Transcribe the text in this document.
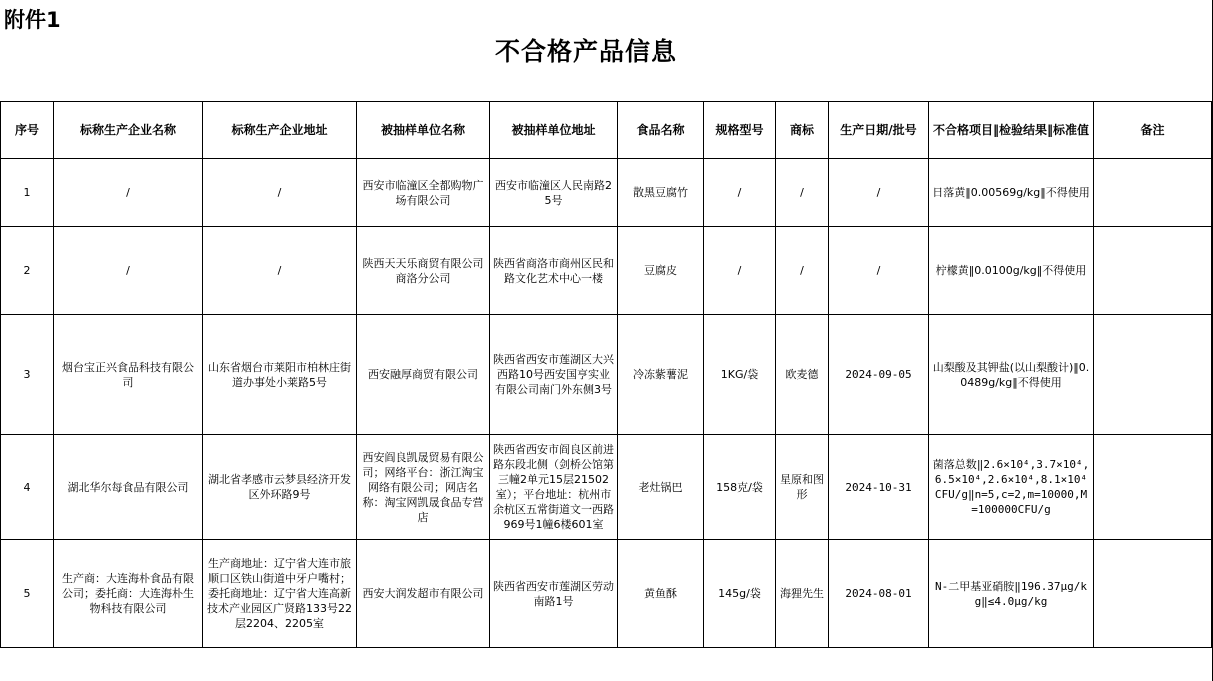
附件1
不合格产品信息
序号	标称生产企业名称	标称生产企业地址	被抽样单位名称	被抽样单位地址	食品名称	规格型号	商标	生产日期/批号	不合格项目‖检验结果‖标准值	备注
1	/	/	西安市临潼区全都购物广场有限公司	西安市临潼区人民南路25号	散黑豆腐竹	/	/	/	日落黄‖0.00569g/kg‖不得使用	
2	/	/	陕西天天乐商贸有限公司商洛分公司	陕西省商洛市商州区民和路文化艺术中心一楼	豆腐皮	/	/	/	柠檬黄‖0.0100g/kg‖不得使用	
3	烟台宝正兴食品科技有限公司	山东省烟台市莱阳市柏林庄街道办事处小莱路5号	西安融厚商贸有限公司	陕西省西安市莲湖区大兴西路10号西安国亨实业有限公司南门外东侧3号	冷冻紫薯泥	1KG/袋	欧麦德	2024-09-05	山梨酸及其钾盐(以山梨酸计)‖0.0489g/kg‖不得使用	
4	湖北华尔每食品有限公司	湖北省孝感市云梦县经济开发区外环路9号	西安阎良凯晟贸易有限公司；网络平台：浙江淘宝网络有限公司；网店名称：淘宝网凯晟食品专营店	陕西省西安市阎良区前进路东段北侧（剑桥公馆第三幢2单元15层21502室）；平台地址：杭州市余杭区五常街道文一西路969号1幢6楼601室	老灶锅巴	158克/袋	星原和图形	2024-10-31	菌落总数‖2.6×10⁴,3.7×10⁴,6.5×10⁴,2.6×10⁴,8.1×10⁴CFU/g‖n=5,c=2,m=10000,M=100000CFU/g	
5	生产商：大连海朴食品有限公司；委托商：大连海朴生物科技有限公司	生产商地址：辽宁省大连市旅顺口区铁山街道中牙户嘴村；委托商地址：辽宁省大连高新技术产业园区广贤路133号22层2204、2205室	西安大润发超市有限公司	陕西省西安市莲湖区劳动南路1号	黄鱼酥	145g/袋	海狸先生	2024-08-01	N-二甲基亚硝胺‖196.37μg/kg‖≤4.0μg/kg	
